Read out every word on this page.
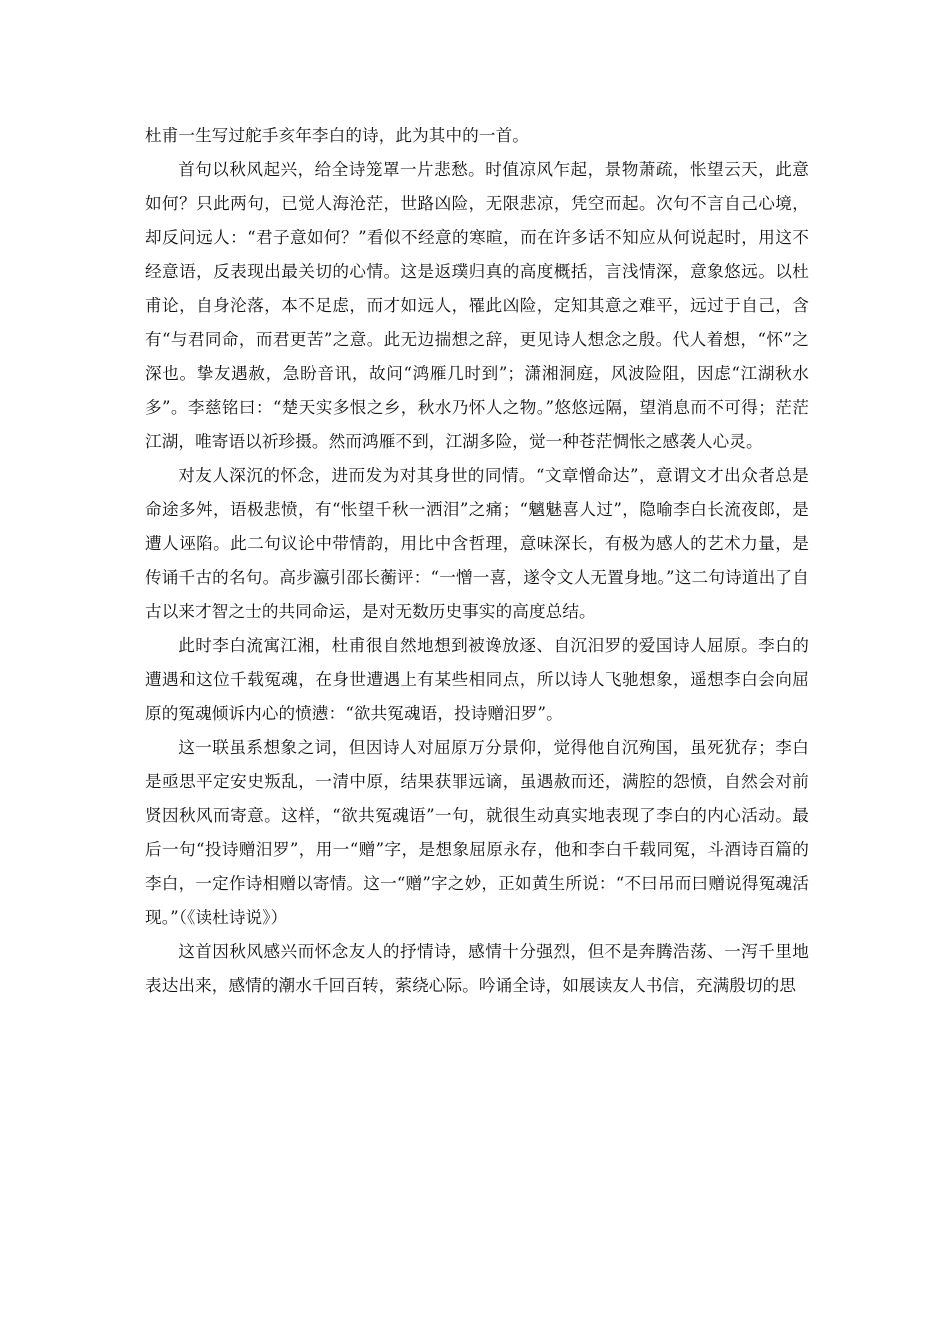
杜甫一生写过舵手亥年李白的诗，此为其中的一首。

首句以秋风起兴，给全诗笼罩一片悲愁。时值凉风乍起，景物萧疏，怅望云天，此意如何？只此两句，已觉人海沧茫，世路凶险，无限悲凉，凭空而起。次句不言自己心境，却反问远人：“君子意如何？”看似不经意的寒暄，而在许多话不知应从何说起时，用这不经意语，反表现出最关切的心情。这是返璞归真的高度概括，言浅情深，意象悠远。以杜甫论，自身沦落，本不足虑，而才如远人，罹此凶险，定知其意之难平，远过于自己，含有“与君同命，而君更苦”之意。此无边揣想之辞，更见诗人想念之殷。代人着想，“怀”之深也。挚友遇赦，急盼音讯，故问“鸿雁几时到”；潇湘洞庭，风波险阻，因虑“江湖秋水多”。李慈铭曰：“楚天实多恨之乡，秋水乃怀人之物。”悠悠远隔，望消息而不可得；茫茫江湖，唯寄语以祈珍摄。然而鸿雁不到，江湖多险，觉一种苍茫惆怅之感袭人心灵。

对友人深沉的怀念，进而发为对其身世的同情。“文章憎命达”，意谓文才出众者总是命途多舛，语极悲愤，有“怅望千秋一洒泪”之痛；“魑魅喜人过”，隐喻李白长流夜郎，是遭人诬陷。此二句议论中带情韵，用比中含哲理，意味深长，有极为感人的艺术力量，是传诵千古的名句。高步瀛引邵长蘅评：“一憎一喜，遂令文人无置身地。”这二句诗道出了自古以来才智之士的共同命运，是对无数历史事实的高度总结。

此时李白流寓江湘，杜甫很自然地想到被谗放逐、自沉汨罗的爱国诗人屈原。李白的遭遇和这位千载冤魂，在身世遭遇上有某些相同点，所以诗人飞驰想象，遥想李白会向屈原的冤魂倾诉内心的愤懑：“欲共冤魂语，投诗赠汨罗”。

这一联虽系想象之词，但因诗人对屈原万分景仰，觉得他自沉殉国，虽死犹存；李白是亟思平定安史叛乱，一清中原，结果获罪远谪，虽遇赦而还，满腔的怨愤，自然会对前贤因秋风而寄意。这样，“欲共冤魂语”一句，就很生动真实地表现了李白的内心活动。最后一句“投诗赠汨罗”，用一“赠”字，是想象屈原永存，他和李白千载同冤，斗酒诗百篇的李白，一定作诗相赠以寄情。这一“赠”字之妙，正如黄生所说：“不曰吊而曰赠说得冤魂活现。”（《读杜诗说》）

这首因秋风感兴而怀念友人的抒情诗，感情十分强烈，但不是奔腾浩荡、一泻千里地表达出来，感情的潮水千回百转，萦绕心际。吟诵全诗，如展读友人书信，充满殷切的思
